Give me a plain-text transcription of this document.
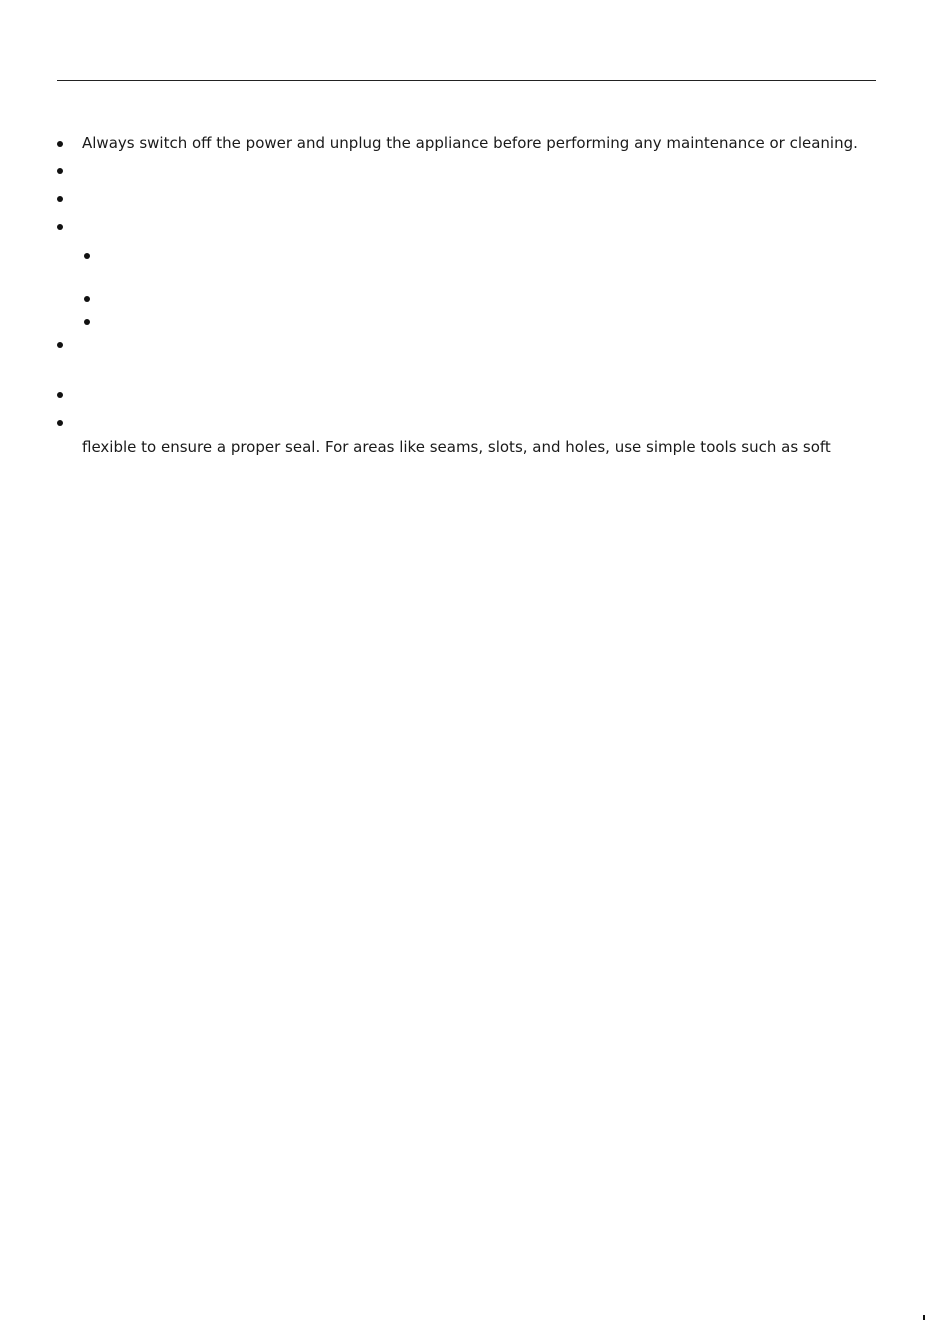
Always switch off the power and unplug the appliance before performing any maintenance or cleaning.
flexible to ensure a proper seal. For areas like seams, slots, and holes, use simple tools such as soft
